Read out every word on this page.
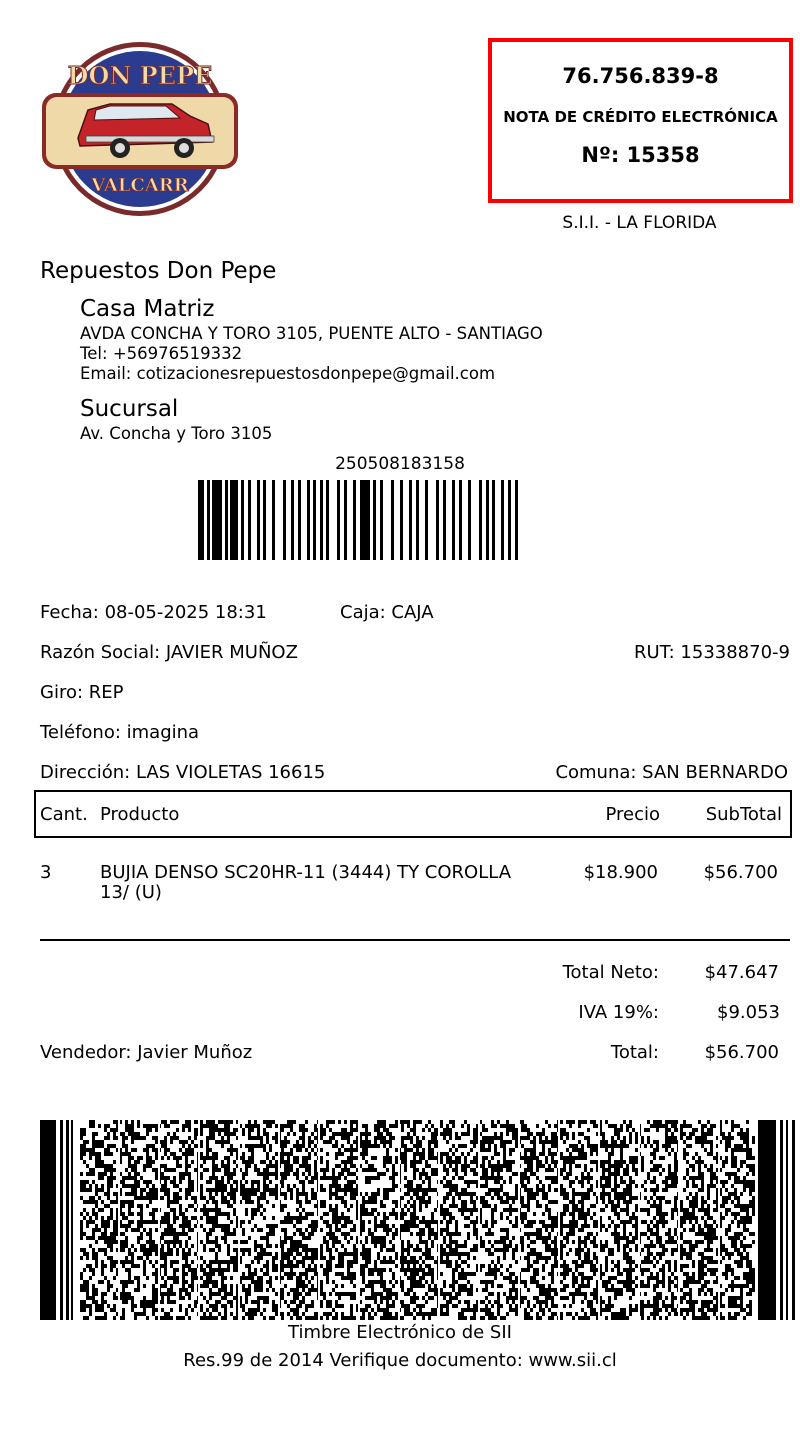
DON PEPE
VALCARR
76.756.839-8
NOTA DE CRÉDITO ELECTRÓNICA
Nº: 15358
S.I.I. - LA FLORIDA
Repuestos Don Pepe
Casa Matriz
AVDA CONCHA Y TORO 3105, PUENTE ALTO - SANTIAGO
Tel: +56976519332
Email: cotizacionesrepuestosdonpepe@gmail.com
Sucursal
Av. Concha y Toro 3105
250508183158
Fecha: 08-05-2025 18:31	Caja: CAJA
Razón Social: JAVIER MUÑOZ	RUT: 15338870-9
Giro: REP
Teléfono: imagina
Dirección: LAS VIOLETAS 16615	Comuna: SAN BERNARDO
Cant. Producto	Precio	SubTotal
3	BUJIA DENSO SC20HR-11 (3444) TY COROLLA
13/ (U)
$18.900	$56.700
Total Neto:	$47.647
IVA 19%:	$9.053
Vendedor: Javier Muñoz	Total:	$56.700
Timbre Electrónico de SII
Res.99 de 2014 Verifique documento: www.sii.cl
